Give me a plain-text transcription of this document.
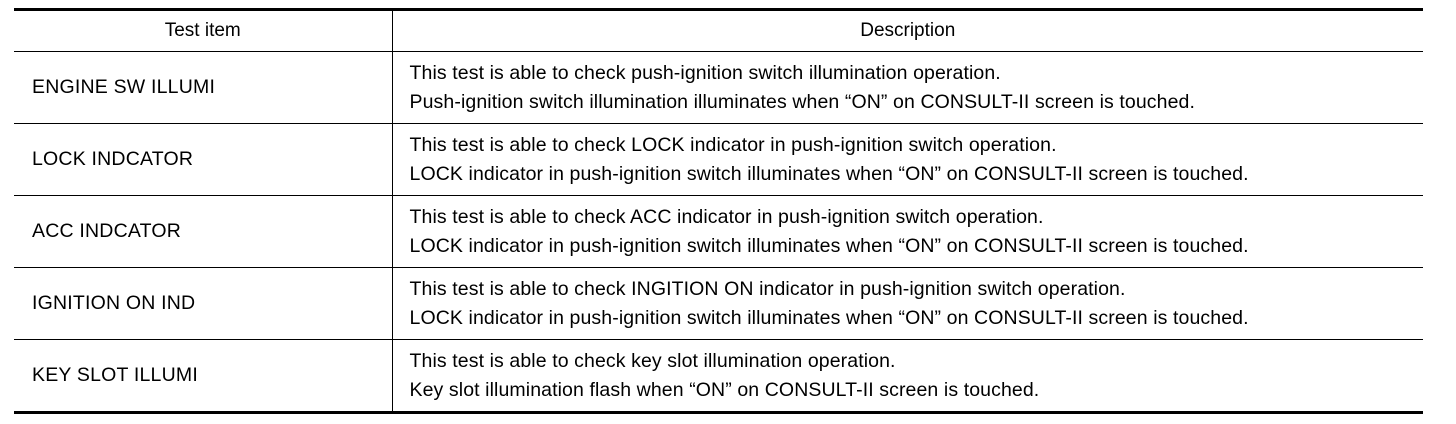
Test item	Description
ENGINE SW ILLUMI	This test is able to check push-ignition switch illumination operation.
Push-ignition switch illumination illuminates when “ON” on CONSULT-II screen is touched.

LOCK INDCATOR	This test is able to check LOCK indicator in push-ignition switch operation.
LOCK indicator in push-ignition switch illuminates when “ON” on CONSULT-II screen is touched.

ACC INDCATOR	This test is able to check ACC indicator in push-ignition switch operation.
LOCK indicator in push-ignition switch illuminates when “ON” on CONSULT-II screen is touched.

IGNITION ON IND	This test is able to check INGITION ON indicator in push-ignition switch operation.
LOCK indicator in push-ignition switch illuminates when “ON” on CONSULT-II screen is touched.

KEY SLOT ILLUMI	This test is able to check key slot illumination operation.
Key slot illumination flash when “ON” on CONSULT-II screen is touched.
